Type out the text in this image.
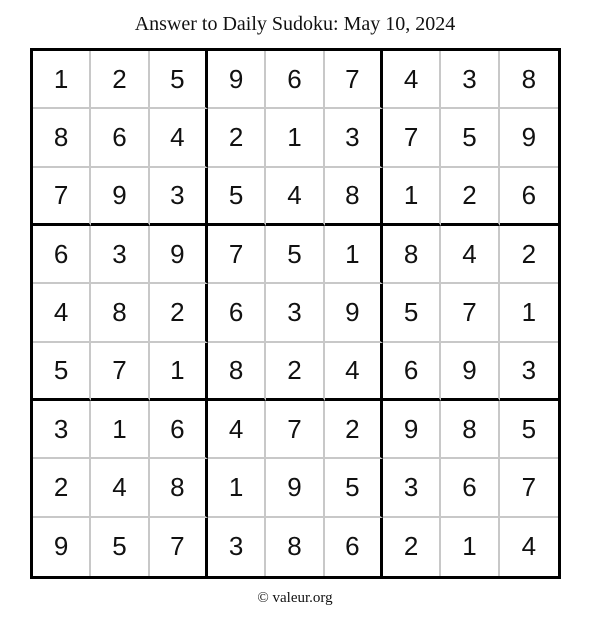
Answer to Daily Sudoku: May 10, 2024
1	2	5	9	6	7	4	3	8
8	6	4	2	1	3	7	5	9
7	9	3	5	4	8	1	2	6
6	3	9	7	5	1	8	4	2
4	8	2	6	3	9	5	7	1
5	7	1	8	2	4	6	9	3
3	1	6	4	7	2	9	8	5
2	4	8	1	9	5	3	6	7
9	5	7	3	8	6	2	1	4
© valeur.org
